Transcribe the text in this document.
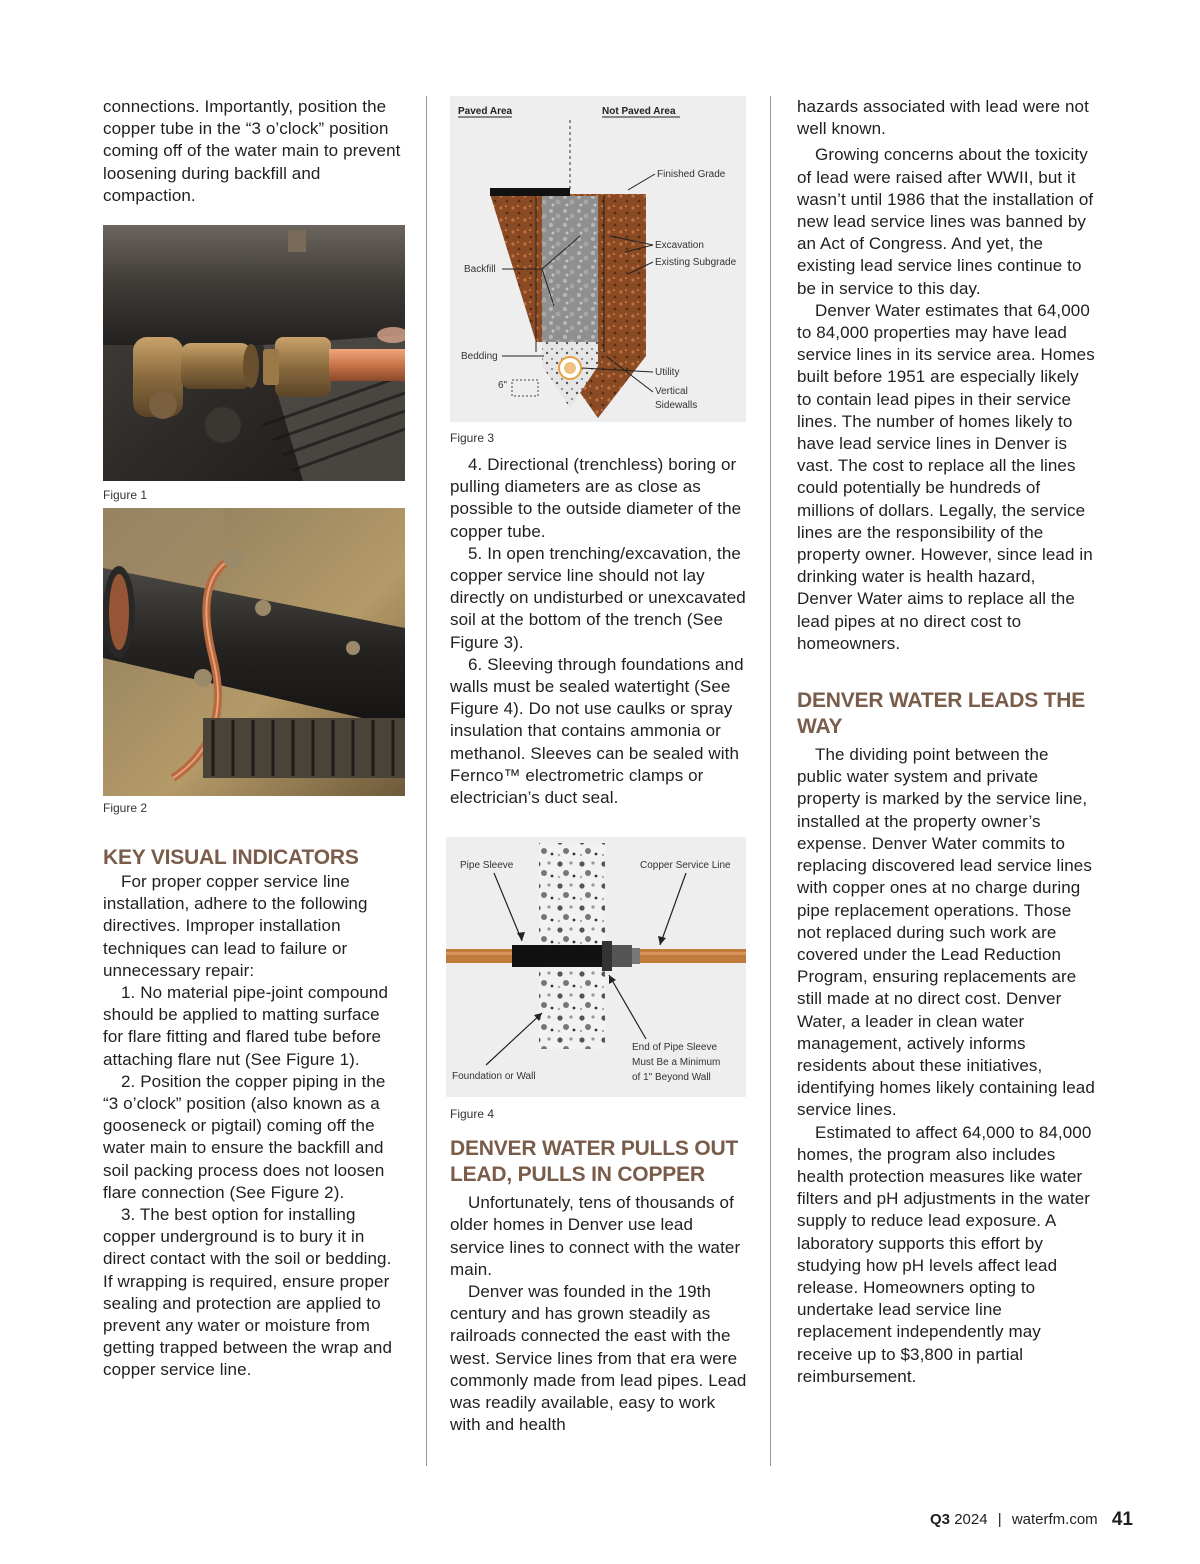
connections. Importantly, position the copper tube in the “3 o’clock” position coming off of the water main to prevent loosening during backfill and compaction.

Figure 1
Figure 2
KEY VISUAL INDICATORS

For proper copper service line installation, adhere to the following directives. Improper installation techniques can lead to failure or unnecessary repair:

1. No material pipe-joint compound should be applied to matting surface for flare fitting and flared tube before attaching flare nut (See Figure 1).

2. Position the copper piping in the “3 o’clock” position (also known as a gooseneck or pigtail) coming off the water main to ensure the backfill and soil packing process does not loosen flare connection (See Figure 2).

3. The best option for installing copper underground is to bury it in direct contact with the soil or bedding. If wrapping is required, ensure proper sealing and protection are applied to prevent any water or moisture from getting trapped between the wrap and copper service line.

Paved Area	Not Paved Area
Finished Grade
Excavation
Existing Subgrade
Utility
Vertical
Sidewalls
Backfill
Bedding
6"
Figure 3

4. Directional (trenchless) boring or pulling diameters are as close as possible to the outside diameter of the copper tube.

5. In open trenching/excavation, the copper service line should not lay directly on undisturbed or unexcavated soil at the bottom of the trench (See Figure 3).

6. Sleeving through foundations and walls must be sealed watertight (See Figure 4). Do not use caulks or spray insulation that contains ammonia or methanol. Sleeves can be sealed with Fernco™ electrometric clamps or electrician’s duct seal.

Pipe Sleeve	Copper Service Line
Foundation or Wall
End of Pipe Sleeve
Must Be a Minimum
of 1" Beyond Wall
Figure 4
DENVER WATER PULLS OUT LEAD, PULLS IN COPPER

Unfortunately, tens of thousands of older homes in Denver use lead service lines to connect with the water main.

Denver was founded in the 19th century and has grown steadily as railroads connected the east with the west. Service lines from that era were commonly made from lead pipes. Lead was readily available, easy to work with and health

hazards associated with lead were not well known.

Growing concerns about the toxicity of lead were raised after WWII, but it wasn’t until 1986 that the installation of new lead service lines was banned by an Act of Congress. And yet, the existing lead service lines continue to be in service to this day.

Denver Water estimates that 64,000 to 84,000 properties may have lead service lines in its service area. Homes built before 1951 are especially likely to contain lead pipes in their service lines. The number of homes likely to have lead service lines in Denver is vast. The cost to replace all the lines could potentially be hundreds of millions of dollars. Legally, the service lines are the responsibility of the property owner. However, since lead in drinking water is health hazard, Denver Water aims to replace all the lead pipes at no direct cost to homeowners.

DENVER WATER LEADS THE WAY

The dividing point between the public water system and private property is marked by the service line, installed at the property owner’s expense. Denver Water commits to replacing discovered lead service lines with copper ones at no charge during pipe replacement operations. Those not replaced during such work are covered under the Lead Reduction Program, ensuring replacements are still made at no direct cost. Denver Water, a leader in clean water management, actively informs residents about these initiatives, identifying homes likely containing lead service lines.

Estimated to affect 64,000 to 84,000 homes, the program also includes health protection measures like water filters and pH adjustments in the water supply to reduce lead exposure. A laboratory supports this effort by studying how pH levels affect lead release. Homeowners opting to undertake lead service line replacement independently may receive up to $3,800 in partial reimbursement.

Q3 2024 | waterfm.com 41
